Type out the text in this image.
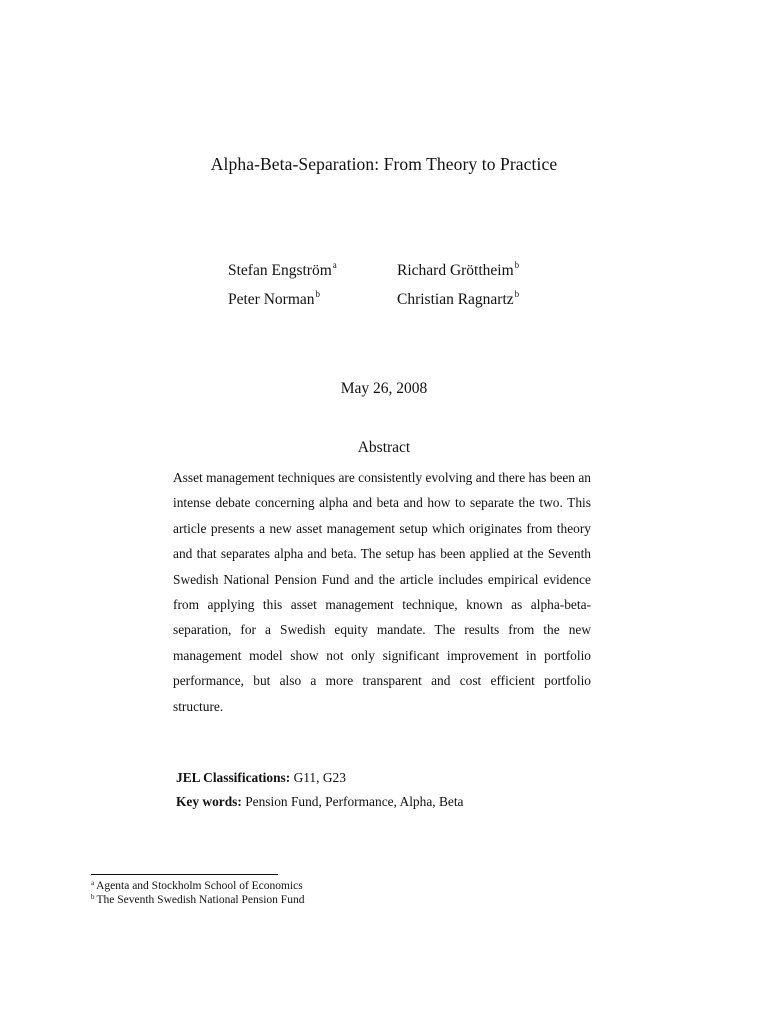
Alpha-Beta-Separation: From Theory to Practice
Stefan Engström$^a$	Richard Gröttheim$^b$
Peter Norman$^b$	Christian Ragnartz$^b$
May 26, 2008
Abstract
Asset management techniques are consistently evolving and there has been an intense debate concerning alpha and beta and how to separate the two. This article presents a new asset management setup which originates from theory and that separates alpha and beta. The setup has been applied at the Seventh Swedish National Pension Fund and the article includes empirical evidence from applying this asset management technique, known as alpha-beta-separation, for a Swedish equity mandate. The results from the new management model show not only significant improvement in portfolio performance, but also a more transparent and cost efficient portfolio structure.
JEL Classifications: G11, G23
Key words: Pension Fund, Performance, Alpha, Beta
$^a$ Agenta and Stockholm School of Economics
$^b$ The Seventh Swedish National Pension Fund
